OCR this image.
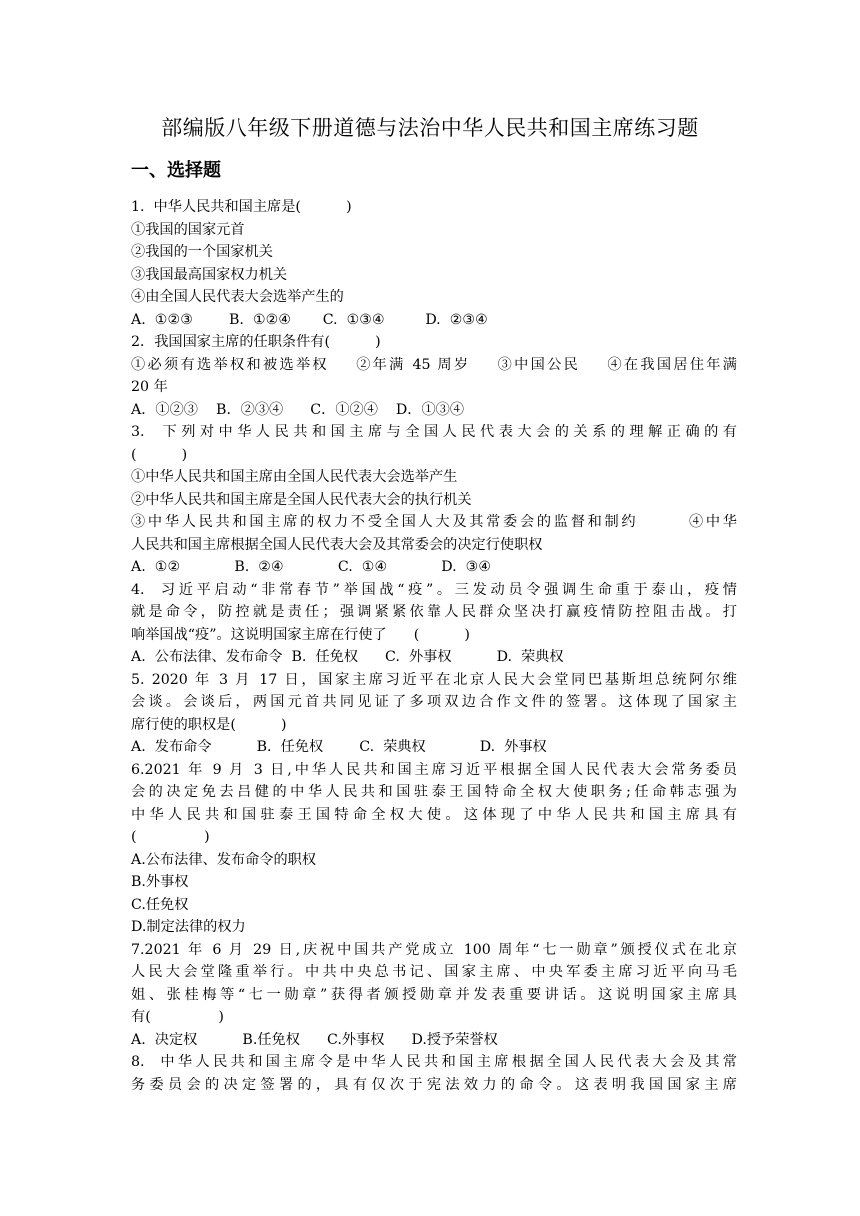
部编版八年级下册道德与法治中华人民共和国主席练习题
一、选择题
1.  中华人民共和国主席是(          )
①我国的国家元首
②我国的一个国家机关
③我国最高国家权力机关
④由全国人民代表大会选举产生的
A.  ①②③        B.  ①②④       C.  ①③④         D.  ②③④
2．我国国家主席的任职条件有(          )
①必须有选举权和被选举权    ②年满 45 周岁    ③中国公民    ④在我国居住年满
20 年
A．①②③    B．②③④      C．①②④    D．①③④
3.  下列对中华人民共和国主席与全国人民代表大会的关系的理解正确的有
(          )
①中华人民共和国主席由全国人民代表大会选举产生
②中华人民共和国主席是全国人民代表大会的执行机关
③中华人民共和国主席的权力不受全国人大及其常委会的监督和制约       ④中华
人民共和国主席根据全国人民代表大会及其常委会的决定行使职权
A.  ①②            B.  ②④            C.  ①④            D.  ③④
4.  习近平启动“非常春节”举国战“疫”。三发动员令强调生命重于泰山，疫情
就是命令，防控就是责任；强调紧紧依靠人民群众坚决打赢疫情防控阻击战。打
响举国战“疫”。这说明国家主席在行使了      (          )
A.  公布法律、发布命令  B.  任免权      C.  外事权          D.  荣典权
5. 2020 年 3 月 17 日，国家主席习近平在北京人民大会堂同巴基斯坦总统阿尔维
会谈。会谈后，两国元首共同见证了多项双边合作文件的签署。这体现了国家主
席行使的职权是(          )
A.  发布命令          B.  任免权        C.  荣典权            D.  外事权
6.2021 年 9 月 3 日,中华人民共和国主席习近平根据全国人民代表大会常务委员
会的决定免去吕健的中华人民共和国驻泰王国特命全权大使职务;任命韩志强为
中华人民共和国驻泰王国特命全权大使。这体现了中华人民共和国主席具有
(               )
A.公布法律、发布命令的职权
B.外事权
C.任免权
D.制定法律的权力
7.2021 年 6 月 29 日,庆祝中国共产党成立 100 周年“七一勋章”颁授仪式在北京
人民大会堂隆重举行。中共中央总书记、国家主席、中央军委主席习近平向马毛
姐、张桂梅等“七一勋章”获得者颁授勋章并发表重要讲话。这说明国家主席具
有(               )
A.  决定权          B.任免权      C.外事权      D.授予荣誉权
8.  中华人民共和国主席令是中华人民共和国主席根据全国人民代表大会及其常
务委员会的决定签署的，具有仅次于宪法效力的命令。这表明我国国家主席
